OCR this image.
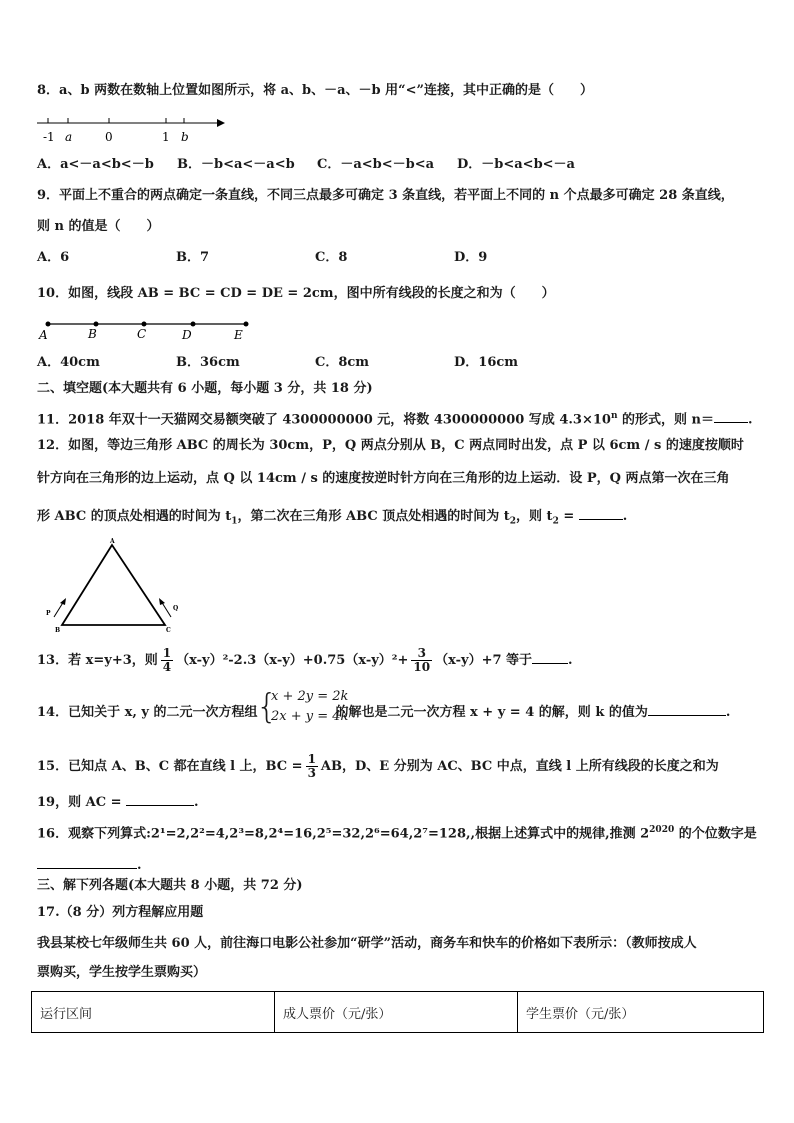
8．a、b 两数在数轴上位置如图所示，将 a、b、－a、－b 用“<”连接，其中正确的是（　　）
-1 a	0	1 b
A．a<－a<b<－b B．－b<a<－a<b C．－a<b<－b<a D．－b<a<b<－a
9．平面上不重合的两点确定一条直线，不同三点最多可确定 3 条直线，若平面上不同的 n 个点最多可确定 28 条直线，
则 n 的值是（　　）
A．6	B．7	C．8	D．9
10．如图，线段 AB = BC = CD = DE = 2cm，图中所有线段的长度之和为（　　）
A	B	C	D	E
A．40cm	B．36cm	C．8cm	D．16cm
二、填空题(本大题共有 6 小题，每小题 3 分，共 18 分)
11．2018 年双十一天猫网交易额突破了 4300000000 元，将数 4300000000 写成 $4.3\times 10^n$ 的形式，则 n＝	.
12．如图，等边三角形 ABC 的周长为 30cm，P，Q 两点分别从 B，C 两点同时出发，点 P 以 6cm / s 的速度按顺时
针方向在三角形的边上运动，点 Q 以 14cm / s 的速度按逆时针方向在三角形的边上运动．设 P，Q 两点第一次在三角
形 ABC 的顶点处相遇的时间为 $t_1$，第二次在三角形 ABC 顶点处相遇的时间为 $t_2$，则 $t_2$ =	.
A
B	C
P
Q
13．若 x=y+3，则 $\frac{1}{4} (x-y)^2-2.3(x-y)+0.75(x-y)^2+ \frac{3}{10} (x-y)+7$ 等于	.
14．已知关于 x, y 的二元一次方程组	的解也是二元一次方程 x + y = 4 的解，则 k 的值为	.
{
x + 2y = 2k
2x + y = 4k
15．已知点 A、B、C 都在直线 l 上，BC = $\frac{1}{3}$ AB，D、E 分别为 AC、BC 中点，直线 l 上所有线段的长度之和为
19，则 AC =	.
16．观察下列算式:2¹=2,2²=4,2³=8,2⁴=16,2⁵=32,2⁶=64,2⁷=128,,根据上述算式中的规律,推测 $2^{2020}$ 的个位数字是
.
三、解下列各题(本大题共 8 小题，共 72 分)
17.（8 分）列方程解应用题
我县某校七年级师生共 60 人，前往海口电影公社参加“研学”活动，商务车和快车的价格如下表所示：（教师按成人
票购买，学生按学生票购买）
运行区间	成人票价（元/张）	学生票价（元/张）
